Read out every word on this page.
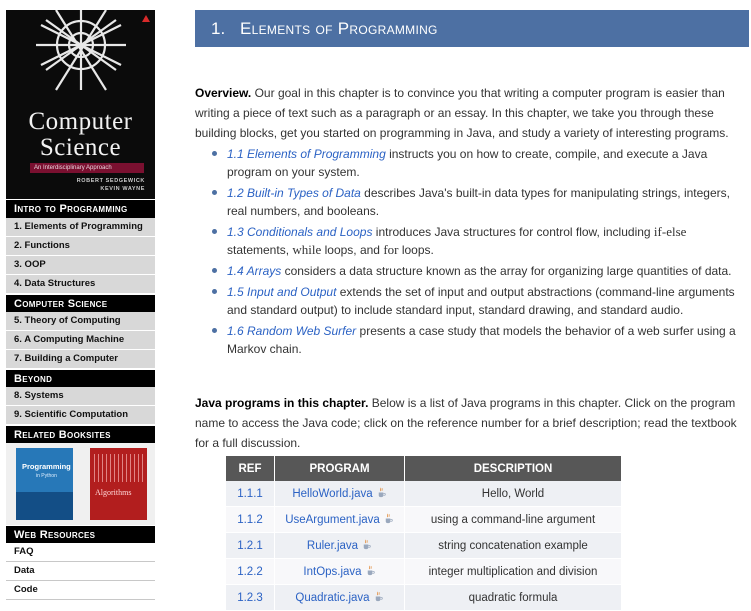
Computer
Science
An Interdisciplinary Approach
ROBERT SEDGEWICK
KEVIN WAYNE
Intro to Programming
1. Elements of Programming
2. Functions
3. OOP
4. Data Structures
Computer Science
5. Theory of Computing
6. A Computing Machine
7. Building a Computer
Beyond
8. Systems
9. Scientific Computation
Related Booksites
Programming
in Python
Algorithms
Web Resources
FAQ
Data
Code
1. Elements of Programming
Overview. Our goal in this chapter is to convince you that writing a computer program is easier than writing a piece of text such as a paragraph or an essay. In this chapter, we take you through these building blocks, get you started on programming in Java, and study a variety of interesting programs.
1.1 Elements of Programming instructs you on how to create, compile, and execute a Java program on your system.
1.2 Built-in Types of Data describes Java's built-in data types for manipulating strings, integers, real numbers, and booleans.
1.3 Conditionals and Loops introduces Java structures for control flow, including if-else statements, while loops, and for loops.
1.4 Arrays considers a data structure known as the array for organizing large quantities of data.
1.5 Input and Output extends the set of input and output abstractions (command-line arguments and standard output) to include standard input, standard drawing, and standard audio.
1.6 Random Web Surfer presents a case study that models the behavior of a web surfer using a Markov chain.
Java programs in this chapter. Below is a list of Java programs in this chapter. Click on the program name to access the Java code; click on the reference number for a brief description; read the textbook for a full discussion.
REF	PROGRAM	DESCRIPTION
1.1.1	HelloWorld.java	Hello, World
1.1.2	UseArgument.java	using a command-line argument
1.2.1	Ruler.java	string concatenation example
1.2.2	IntOps.java	integer multiplication and division
1.2.3	Quadratic.java	quadratic formula
